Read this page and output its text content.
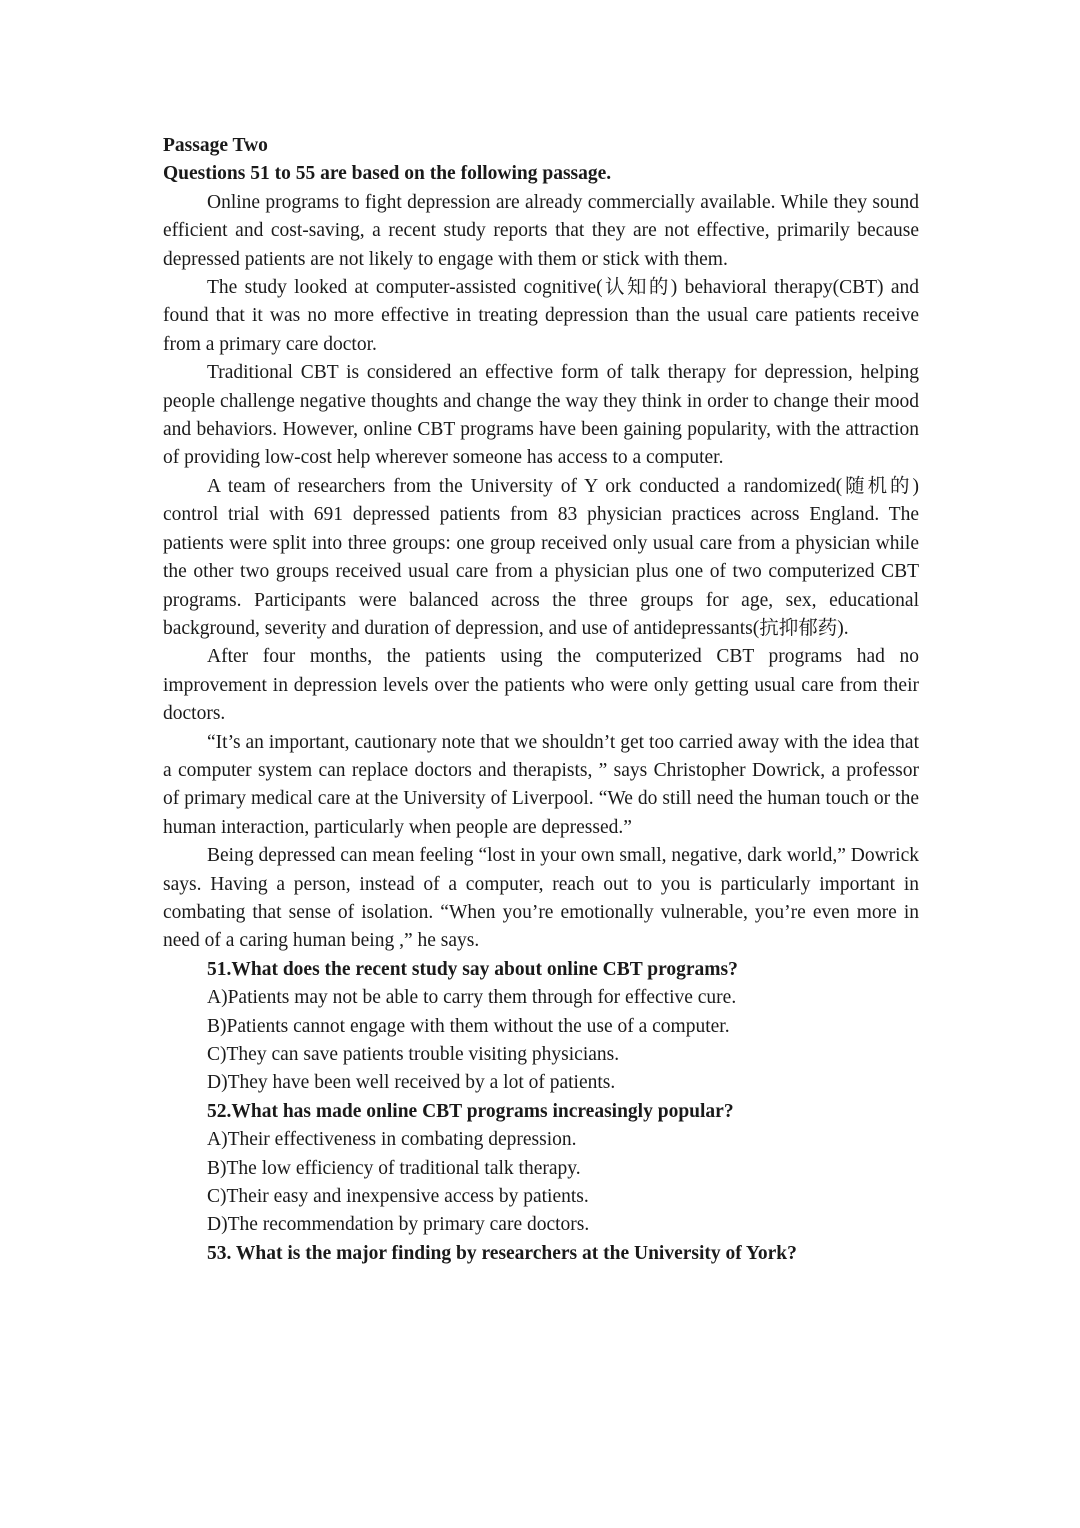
Passage Two

Questions 51 to 55 are based on the following passage.

Online programs to fight depression are already commercially available. While they sound efficient and cost-saving, a recent study reports that they are not effective, primarily because depressed patients are not likely to engage with them or stick with them.

The study looked at computer-assisted cognitive(认知的) behavioral therapy(CBT) and found that it was no more effective in treating depression than the usual care patients receive from a primary care doctor.

Traditional CBT is considered an effective form of talk therapy for depression, helping people challenge negative thoughts and change the way they think in order to change their mood and behaviors. However, online CBT programs have been gaining popularity, with the attraction of providing low-cost help wherever someone has access to a computer.

A team of researchers from the University of Y ork conducted a randomized(随机的) control trial with 691 depressed patients from 83 physician practices across England. The patients were split into three groups: one group received only usual care from a physician while the other two groups received usual care from a physician plus one of two computerized CBT programs. Participants were balanced across the three groups for age, sex, educational background, severity and duration of depression, and use of antidepressants(抗抑郁药).

After four months, the patients using the computerized CBT programs had no improvement in depression levels over the patients who were only getting usual care from their doctors.

“It’s an important, cautionary note that we shouldn’t get too carried away with the idea that a computer system can replace doctors and therapists, ” says Christopher Dowrick, a professor of primary medical care at the University of Liverpool. “We do still need the human touch or the human interaction, particularly when people are depressed.”

Being depressed can mean feeling “lost in your own small, negative, dark world,” Dowrick says. Having a person, instead of a computer, reach out to you is particularly important in combating that sense of isolation. “When you’re emotionally vulnerable, you’re even more in need of a caring human being ,” he says.

51.What does the recent study say about online CBT programs?

A)Patients may not be able to carry them through for effective cure.

B)Patients cannot engage with them without the use of a computer.

C)They can save patients trouble visiting physicians.

D)They have been well received by a lot of patients.

52.What has made online CBT programs increasingly popular?

A)Their effectiveness in combating depression.

B)The low efficiency of traditional talk therapy.

C)Their easy and inexpensive access by patients.

D)The recommendation by primary care doctors.

53. What is the major finding by researchers at the University of York?
